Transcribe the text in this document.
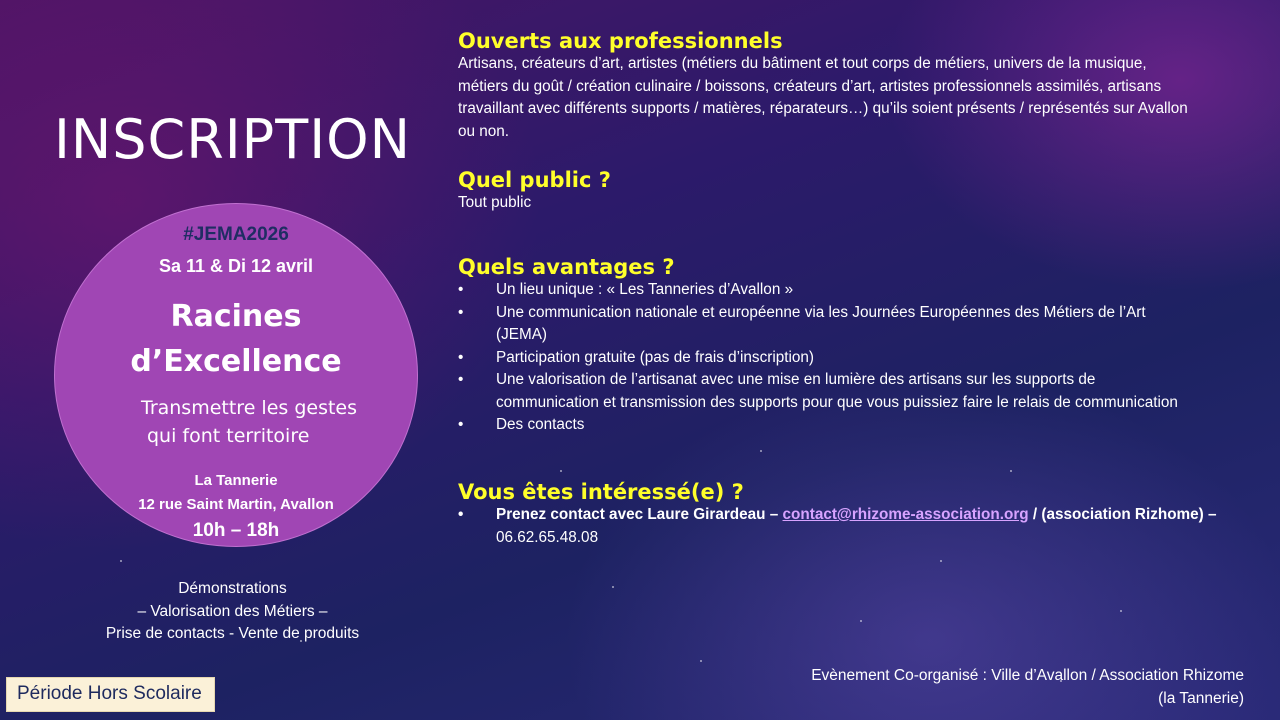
INSCRIPTION
#JEMA2026
Sa 11 & Di 12 avril
Racines
d’Excellence
Transmettre les gestes
qui font territoire
La Tannerie
12 rue Saint Martin, Avallon
10h – 18h
Démonstrations
– Valorisation des Métiers –
Prise de contacts - Vente de produits
Période Hors Scolaire
Ouverts aux professionnels
Artisans, créateurs d’art, artistes (métiers du bâtiment et tout corps de métiers, univers de la musique,
métiers du goût / création culinaire / boissons, créateurs d’art, artistes professionnels assimilés, artisans
travaillant avec différents supports / matières, réparateurs…) qu’ils soient présents / représentés sur Avallon
ou non.
Quel public ?
Tout public
Quels avantages ?
• Un lieu unique : « Les Tanneries d’Avallon »
• Une communication nationale et européenne via les Journées Européennes des Métiers de l’Art
(JEMA)
• Participation gratuite (pas de frais d’inscription)
• Une valorisation de l’artisanat avec une mise en lumière des artisans sur les supports de
communication et transmission des supports pour que vous puissiez faire le relais de communication
• Des contacts
Vous êtes intéressé(e) ?
• Prenez contact avec Laure Girardeau – contact@rhizome-association.org / (association Rizhome) –
06.62.65.48.08
Evènement Co-organisé : Ville d’Avallon / Association Rhizome
(la Tannerie)
